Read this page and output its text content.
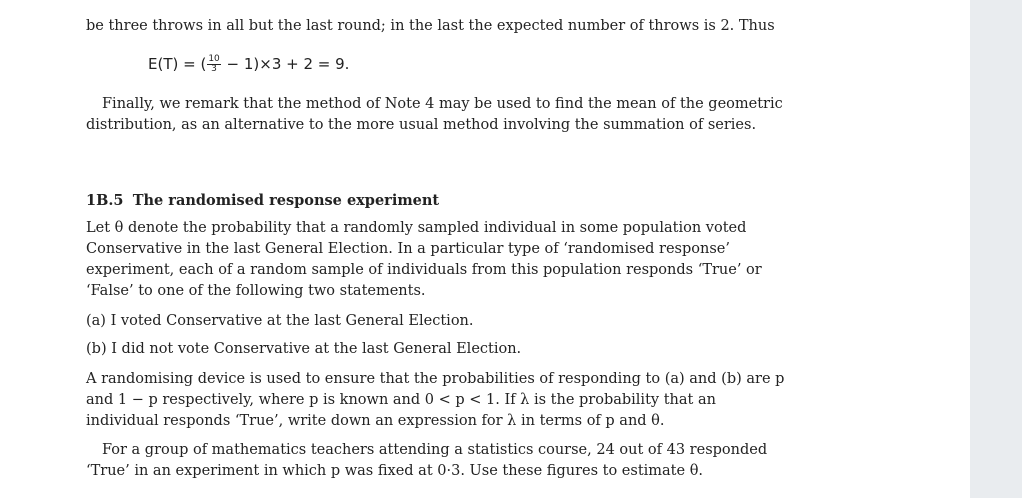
be three throws in all but the last round; in the last the expected number of throws is 2. Thus
E(T) = ( $\frac{10}{3} - 1)\times 3 + 2 = 9$.
Finally, we remark that the method of Note 4 may be used to find the mean of the geometric
distribution, as an alternative to the more usual method involving the summation of series.
1B.5 The randomised response experiment
Let θ denote the probability that a randomly sampled individual in some population voted
Conservative in the last General Election. In a particular type of ‘randomised response’
experiment, each of a random sample of individuals from this population responds ‘True’ or
‘False’ to one of the following two statements.
(a) I voted Conservative at the last General Election.
(b) I did not vote Conservative at the last General Election.
A randomising device is used to ensure that the probabilities of responding to (a) and (b) are p
and 1 − p respectively, where p is known and 0 < p < 1. If λ is the probability that an
individual responds ‘True’, write down an expression for λ in terms of p and θ.
For a group of mathematics teachers attending a statistics course, 24 out of 43 responded
‘True’ in an experiment in which p was fixed at 0·3. Use these figures to estimate θ.
